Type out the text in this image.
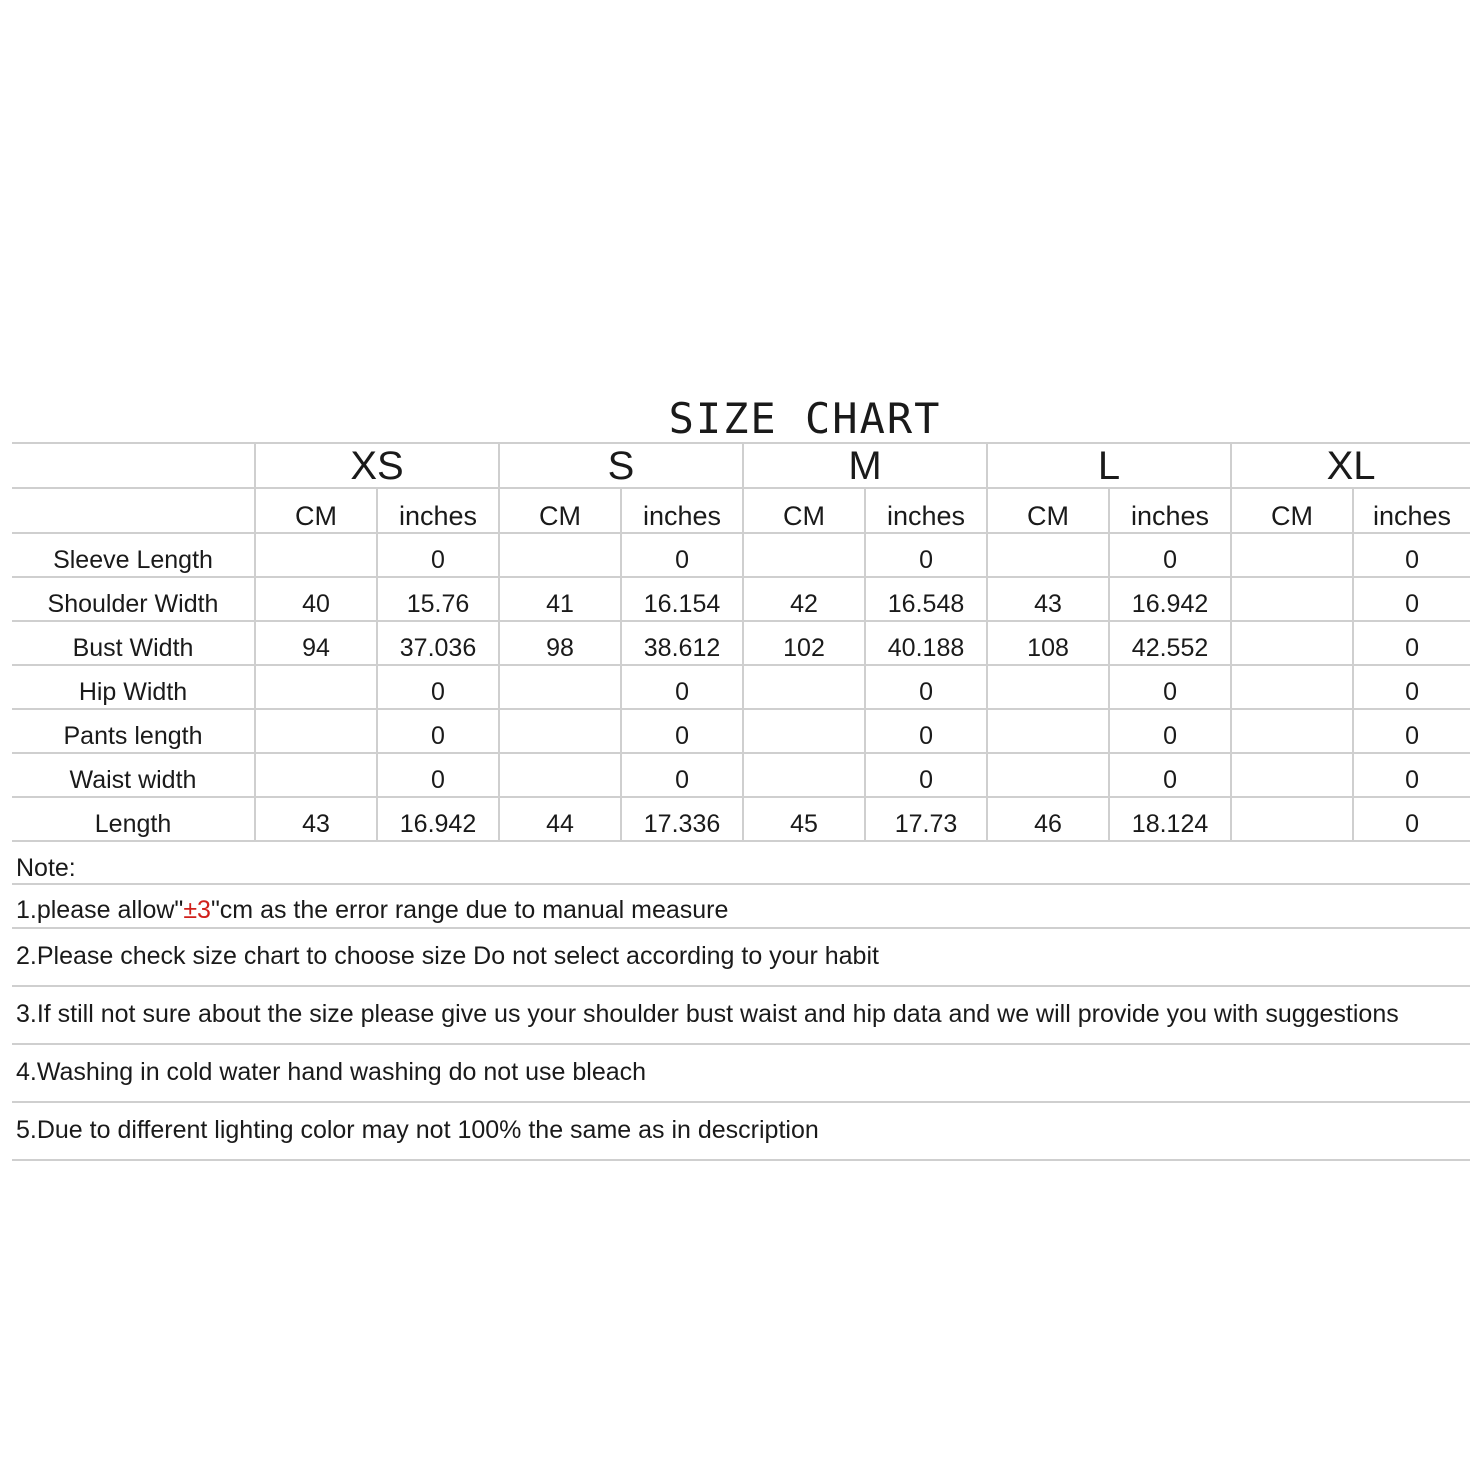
SIZE CHART
	XS		S		M		L		XL	
	CM	inches	CM	inches	CM	inches	CM	inches	CM	inches
Sleeve Length		0		0		0		0		0
Shoulder Width	40	15.76	41	16.154	42	16.548	43	16.942		0
Bust Width	94	37.036	98	38.612	102	40.188	108	42.552		0
Hip Width		0		0		0		0		0
Pants length		0		0		0		0		0
Waist width		0		0		0		0		0
Length	43	16.942	44	17.336	45	17.73	46	18.124		0
Note:
1.please allow"±3"cm as the error range due to manual measure
2.Please check size chart to choose size Do not select according to your habit
3.If still not sure about the size please give us your shoulder bust waist and hip data and we will provide you with suggestions
4.Washing in cold water hand washing do not use bleach
5.Due to different lighting color may not 100% the same as in description
